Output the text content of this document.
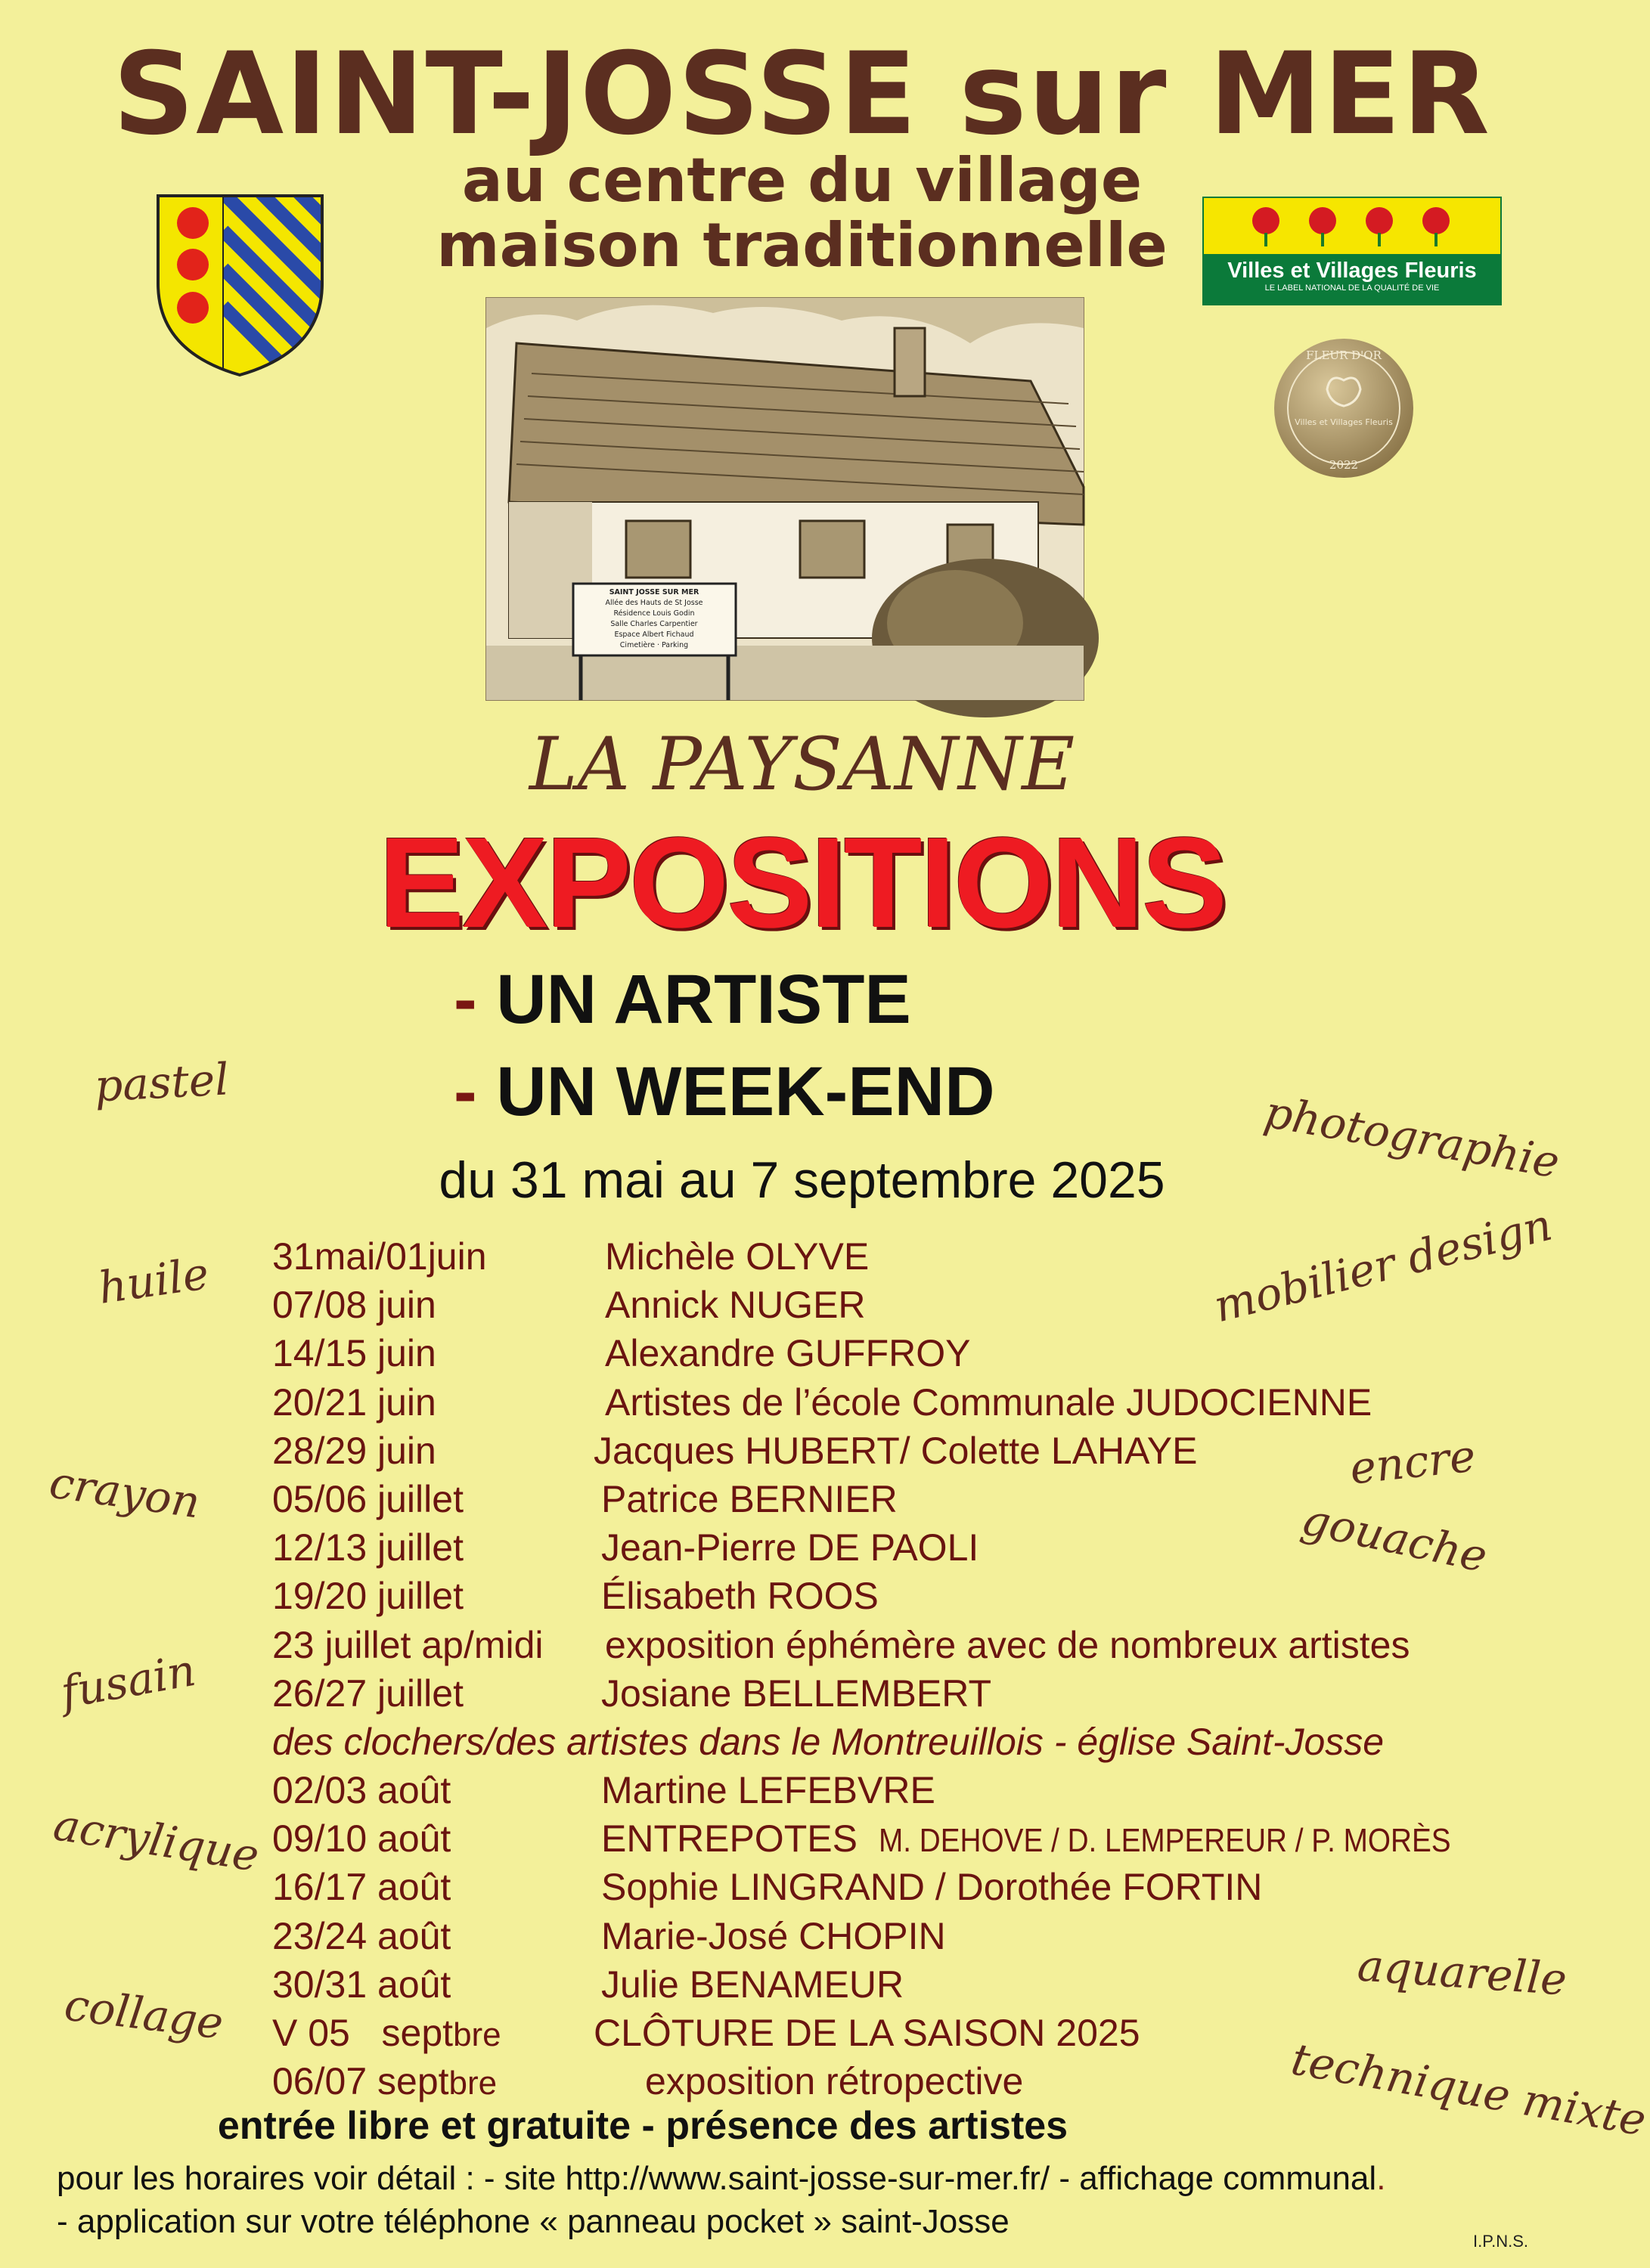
SAINT-JOSSE sur MER
au centre du village
maison traditionnelle	Villes et Villages Fleuris
LE LABEL NATIONAL DE LA QUALITÉ DE VIE
FLEUR D'OR
Villes et Villages Fleuris
2022
SAINT JOSSE SUR MER
Allée des Hauts de St Josse
Résidence Louis Godin
Salle Charles Carpentier
Espace Albert Fichaud
Cimetière · Parking
LA PAYSANNE
EXPOSITIONS
- UN ARTISTE
- UN WEEK-END
du 31 mai au 7 septembre 2025
31mai/01juin	Michèle OLYVE
07/08 juin	Annick NUGER
14/15 juin	Alexandre GUFFROY
20/21 juin	Artistes de l’école Communale JUDOCIENNE
28/29 juin	Jacques HUBERT/ Colette LAHAYE
05/06 juillet	Patrice BERNIER
12/13 juillet	Jean-Pierre DE PAOLI
19/20 juillet	Élisabeth ROOS
23 juillet ap/midi exposition éphémère avec de nombreux artistes
26/27 juillet	Josiane BELLEMBERT
des clochers/des artistes dans le Montreuillois - église Saint-Josse
02/03 août	Martine LEFEBVRE
09/10 août	ENTREPOTES M. DEHOVE / D. LEMPEREUR / P. MORÈS
16/17 août	Sophie LINGRAND / Dorothée FORTIN
23/24 août	Marie-José CHOPIN
30/31 août	Julie BENAMEUR
V 05 septbre CLÔTURE DE LA SAISON 2025
06/07 septbre	exposition rétropective
pastel
huile
crayon
fusain
acrylique
collage
photographie
mobilier design
encre
gouache
aquarelle
technique mixte
entrée libre et gratuite - présence des artistes
pour les horaires voir détail : - site http://www.saint-josse-sur-mer.fr/ - affichage communal.
- application sur votre téléphone « panneau pocket » saint-Josse
I.P.N.S.
